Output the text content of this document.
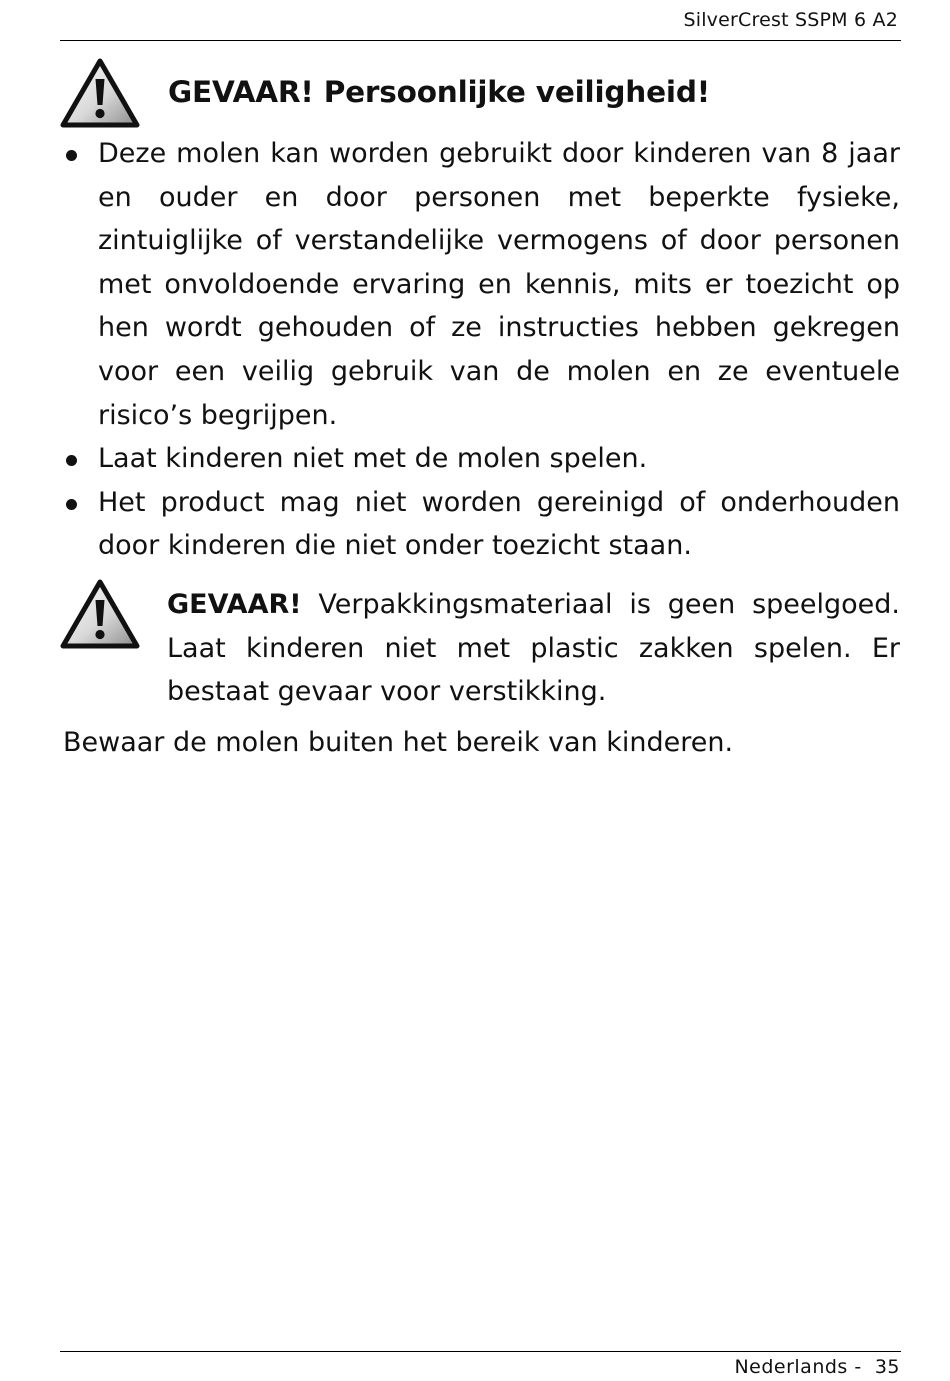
SilverCrest SSPM 6 A2
GEVAAR! Persoonlijke veiligheid!
Deze molen kan worden gebruikt door kinderen van 8 jaar en ouder en door personen met beperkte fysieke, zintuiglijke of verstandelijke vermogens of door personen met onvoldoende ervaring en kennis, mits er toezicht op hen wordt gehouden of ze instructies hebben gekregen voor een veilig gebruik van de molen en ze eventuele risico’s begrijpen.
Laat kinderen niet met de molen spelen.
Het product mag niet worden gereinigd of onderhouden door kinderen die niet onder toezicht staan.

GEVAAR! Verpakkingsmateriaal is geen speelgoed. Laat kinderen niet met plastic zakken spelen. Er bestaat gevaar voor verstikking.

Bewaar de molen buiten het bereik van kinderen.

Nederlands -  35
